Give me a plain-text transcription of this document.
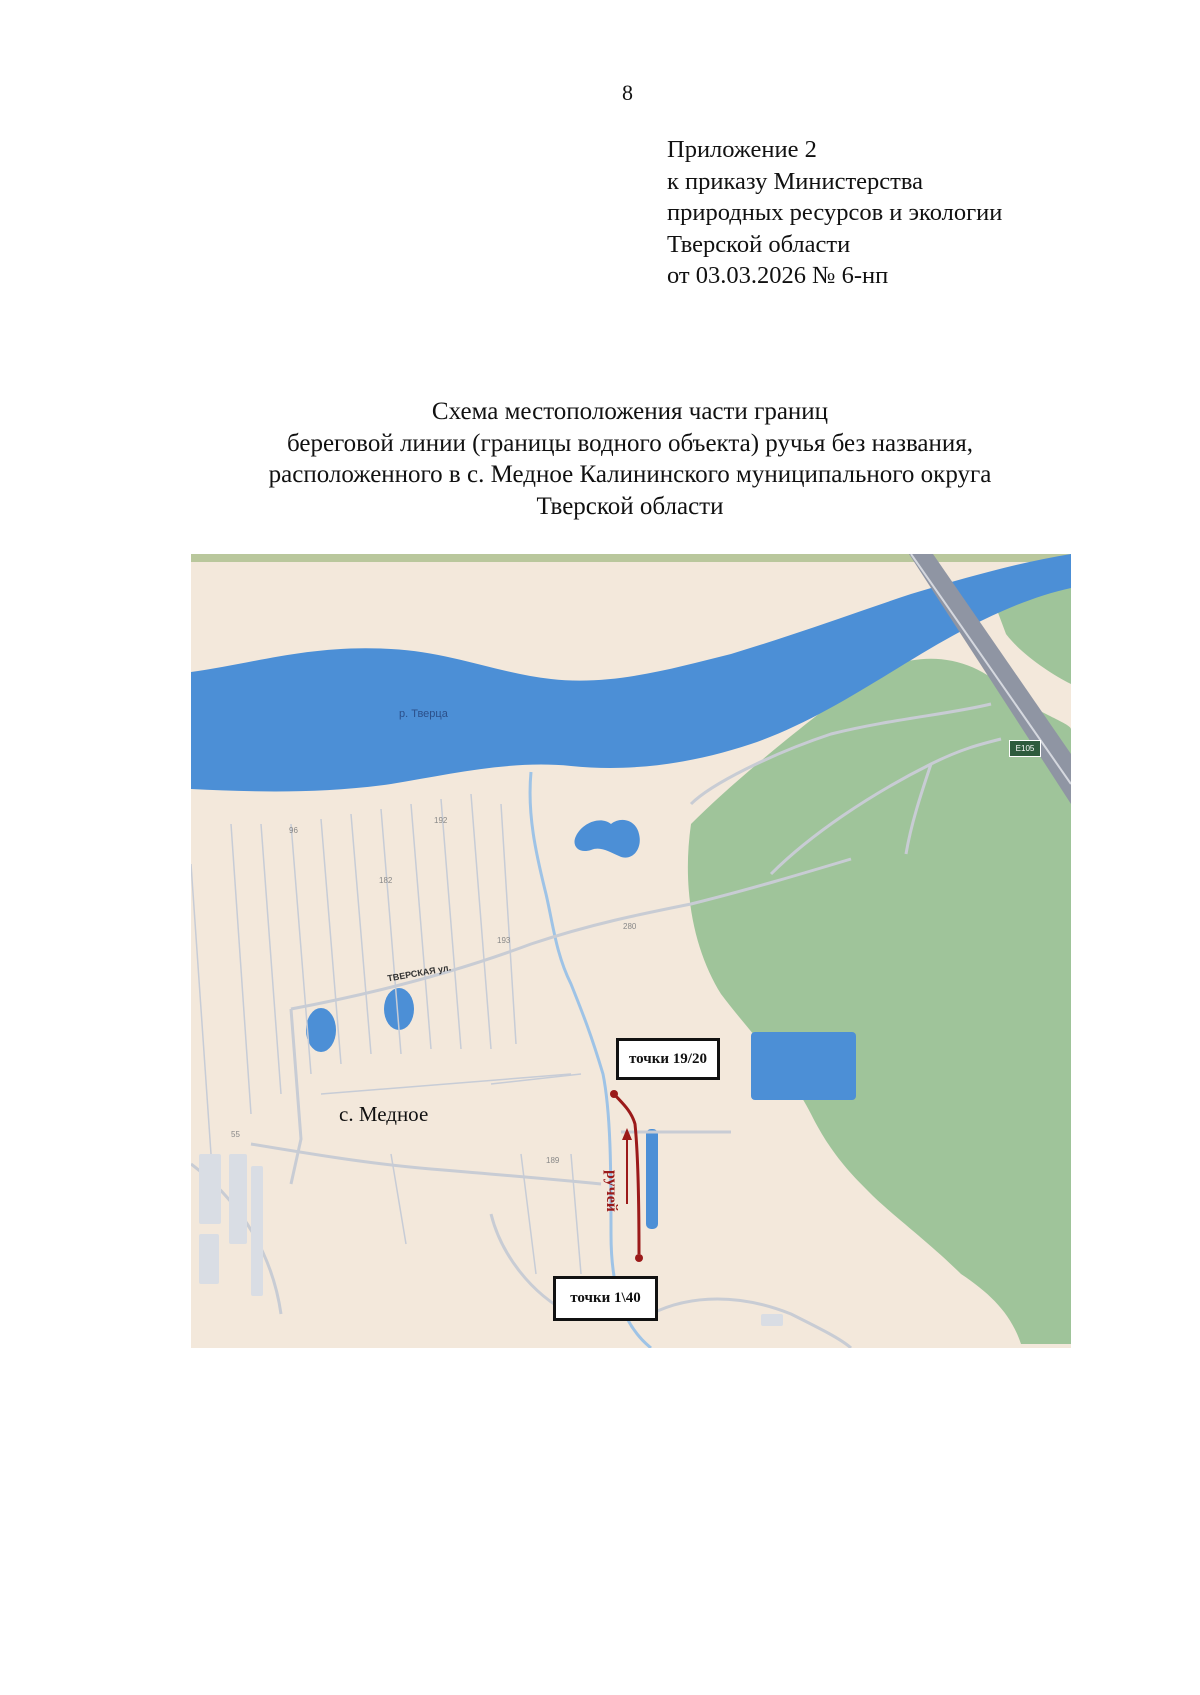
8
Приложение 2
к приказу Министерства
природных ресурсов и экологии
Тверской области
от 03.03.2026 № 6-нп
Схема местоположения части границ
береговой линии (границы водного объекта) ручья без названия,
расположенного в с. Медное Калининского муниципального округа
Тверской области
р. Тверца
ТВЕРСКАЯ ул.
E105
96
192
182
193
280
189
55
с. Медное
точки 19/20
точки 1\40
ручей
